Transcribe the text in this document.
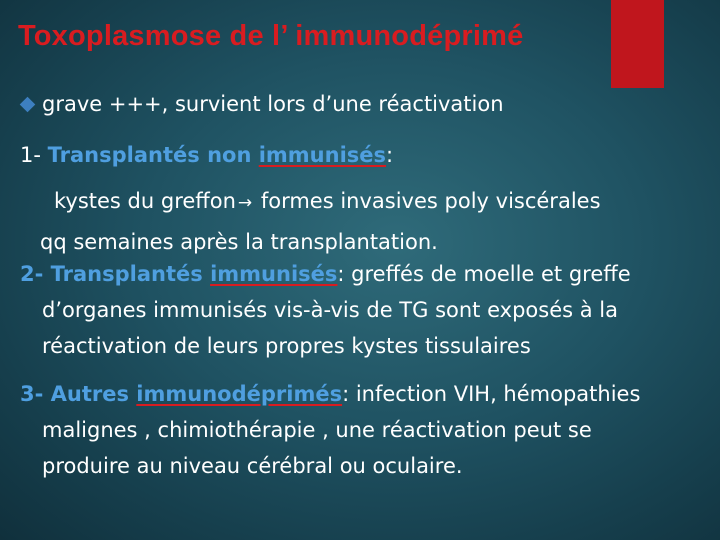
Toxoplasmose de l’ immunodéprimé
grave +++, survient lors d’une réactivation
1- Transplantés non immunisés:
kystes du greffon → formes invasives poly viscérales
qq semaines après la transplantation.
2- Transplantés immunisés: greffés de moelle et greffe
d’organes immunisés vis-à-vis de TG sont exposés à la
réactivation de leurs propres kystes tissulaires
3- Autres immunodéprimés: infection VIH, hémopathies
malignes , chimiothérapie , une réactivation peut se
produire au niveau cérébral ou oculaire.
